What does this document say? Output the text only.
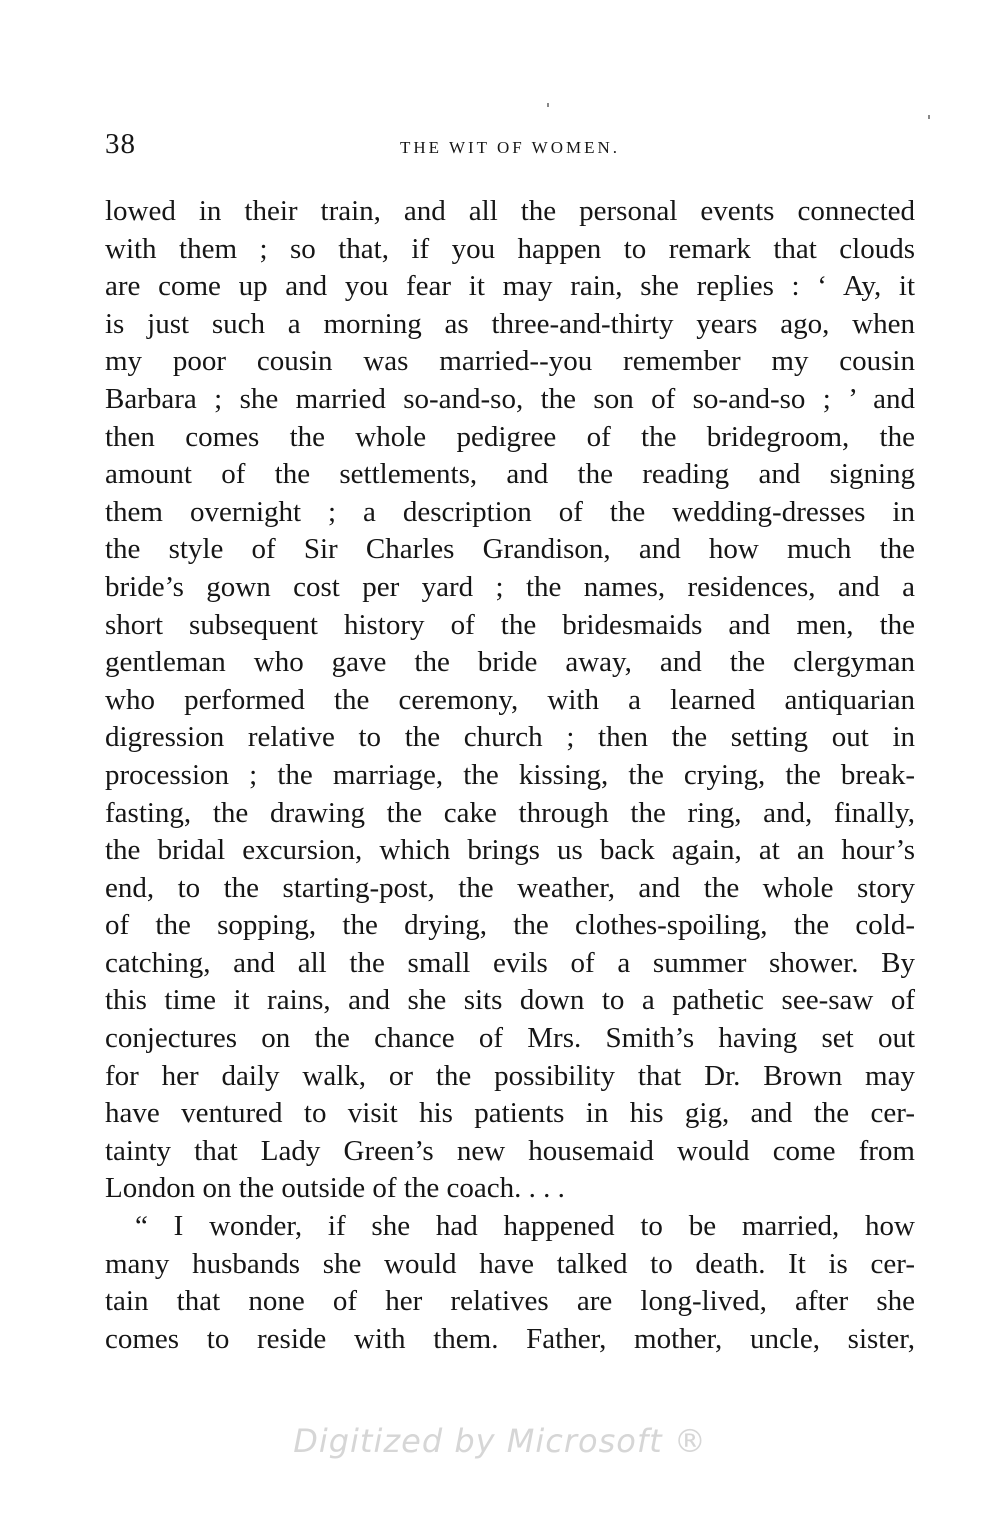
38	THE WIT OF WOMEN.
lowed in their train, and all the personal events connected
with them ; so that, if you happen to remark that clouds
are come up and you fear it may rain, she replies : ‘ Ay, it
is just such a morning as three-and-thirty years ago, when
my poor cousin was married--you remember my cousin
Barbara ; she married so-and-so, the son of so-and-so ; ’ and
then comes the whole pedigree of the bridegroom, the
amount of the settlements, and the reading and signing
them overnight ; a description of the wedding-dresses in
the style of Sir Charles Grandison, and how much the
bride’s gown cost per yard ; the names, residences, and a
short subsequent history of the bridesmaids and men, the
gentleman who gave the bride away, and the clergyman
who performed the ceremony, with a learned antiquarian
digression relative to the church ; then the setting out in
procession ; the marriage, the kissing, the crying, the break-
fasting, the drawing the cake through the ring, and, finally,
the bridal excursion, which brings us back again, at an hour’s
end, to the starting-post, the weather, and the whole story
of the sopping, the drying, the clothes-spoiling, the cold-
catching, and all the small evils of a summer shower. By
this time it rains, and she sits down to a pathetic see-saw of
conjectures on the chance of Mrs. Smith’s having set out
for her daily walk, or the possibility that Dr. Brown may
have ventured to visit his patients in his gig, and the cer-
tainty that Lady Green’s new housemaid would come from
London on the outside of the coach. . . .
“ I wonder, if she had happened to be married, how
many husbands she would have talked to death. It is cer-
tain that none of her relatives are long-lived, after she
comes to reside with them. Father, mother, uncle, sister,
Digitized by Microsoft ®
